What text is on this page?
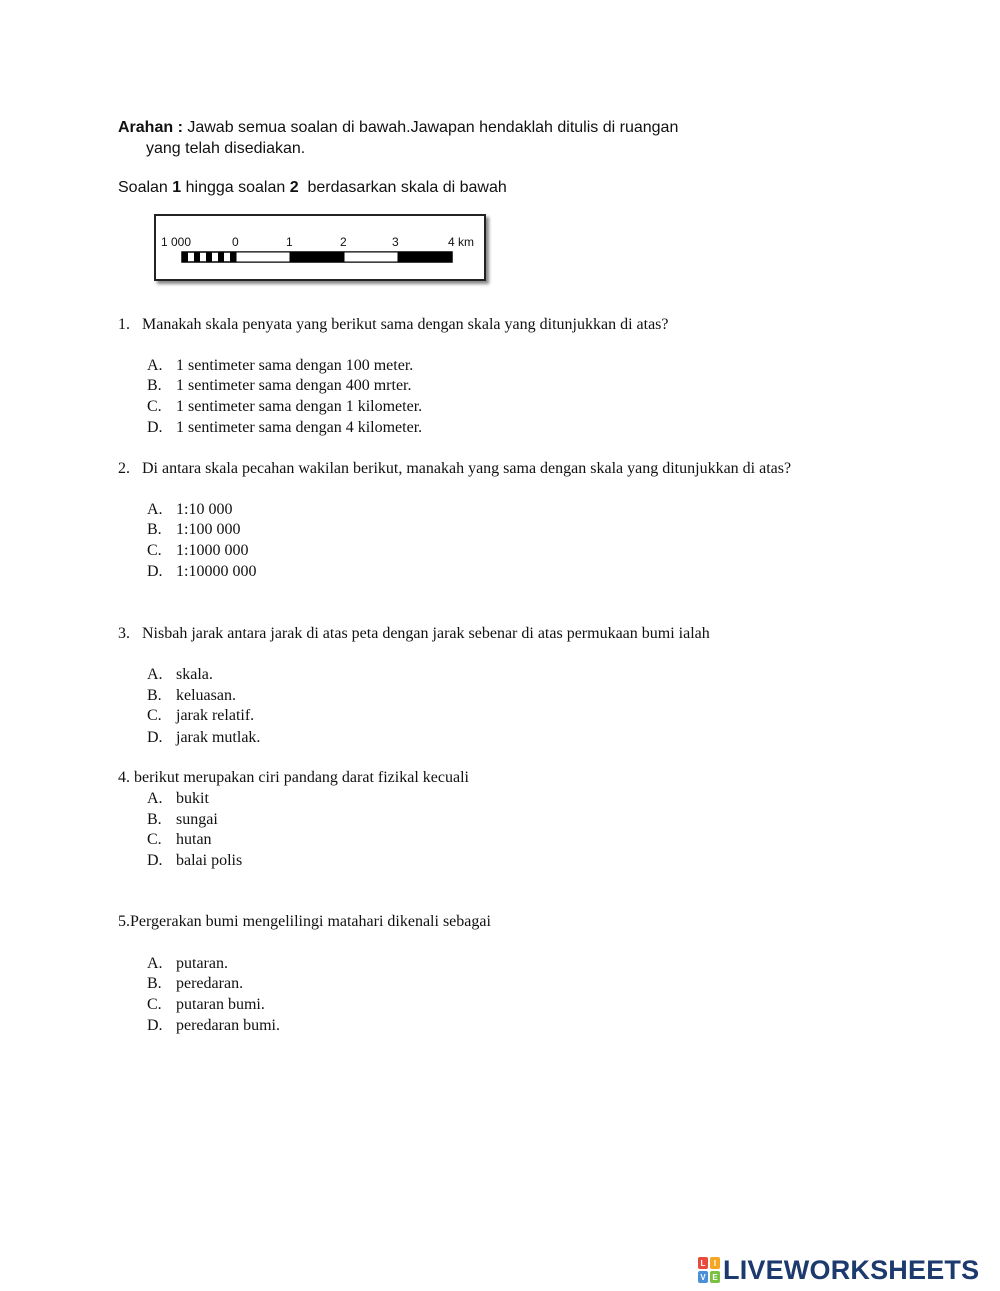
Arahan : Jawab semua soalan di bawah.Jawapan hendaklah ditulis di ruangan
yang telah disediakan.
Soalan 1 hingga soalan 2  berdasarkan skala di bawah
1 000	0	1	2	3	4 km
1.   Manakah skala penyata yang berikut sama dengan skala yang ditunjukkan di atas?
A. 1 sentimeter sama dengan 100 meter.
B. 1 sentimeter sama dengan 400 mrter.
C. 1 sentimeter sama dengan 1 kilometer.
D. 1 sentimeter sama dengan 4 kilometer.
2.   Di antara skala pecahan wakilan berikut, manakah yang sama dengan skala yang ditunjukkan di atas?
A. 1:10 000
B. 1:100 000
C. 1:1000 000
D. 1:10000 000
3.   Nisbah jarak antara jarak di atas peta dengan jarak sebenar di atas permukaan bumi ialah
A. skala.
B. keluasan.
C. jarak relatif.
D. jarak mutlak.
4. berikut merupakan ciri pandang darat fizikal kecuali
A. bukit
B. sungai
C. hutan
D. balai polis
5.Pergerakan bumi mengelilingi matahari dikenali sebagai
A. putaran.
B. peredaran.
C. putaran bumi.
D. peredaran bumi.
L I
V E LIVEWORKSHEETS
